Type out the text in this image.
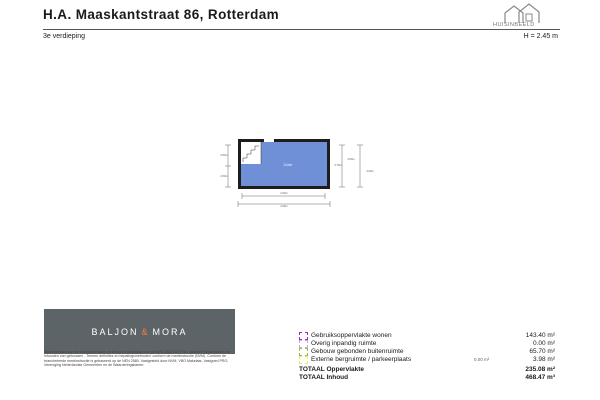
H.A. Maaskantstraat 86, Rotterdam
3e verdieping	H = 2.45 m
HUISINBEELD
Zolder
2.50m
2.50m
2.00m
4.20m
3.75m
4.60m
4.00m
BALJON & MORA
Bijzet bepalen van de vloeroppervlakte en inhoud is uitgegaan van de NEN 2580:2007 NL, inclusief 'Oppervlakten en inhouden van gebouwen - Termen definities en bepalingsmethoden' conform de meetinstructie (NVM). Conform de branchebrede meetinstructie is gebaseerd op de NEN 2580. Vastgesteld door NVM, VBO Makelaar, Vastgoed PRO, Vereniging Nederlandse Gemeenten en de Waarderingskamer.
Gebruiksoppervlakte wonen	143.40 m²
Overig inpandig ruimte	0.00 m²
Gebouw gebonden buitenruimte	65.70 m²
Externe bergruimte / parkeerplaats	0.00 m²	3.98 m²
TOTAAL Oppervlakte	235.08 m²
TOTAAL Inhoud	468.47 m³
